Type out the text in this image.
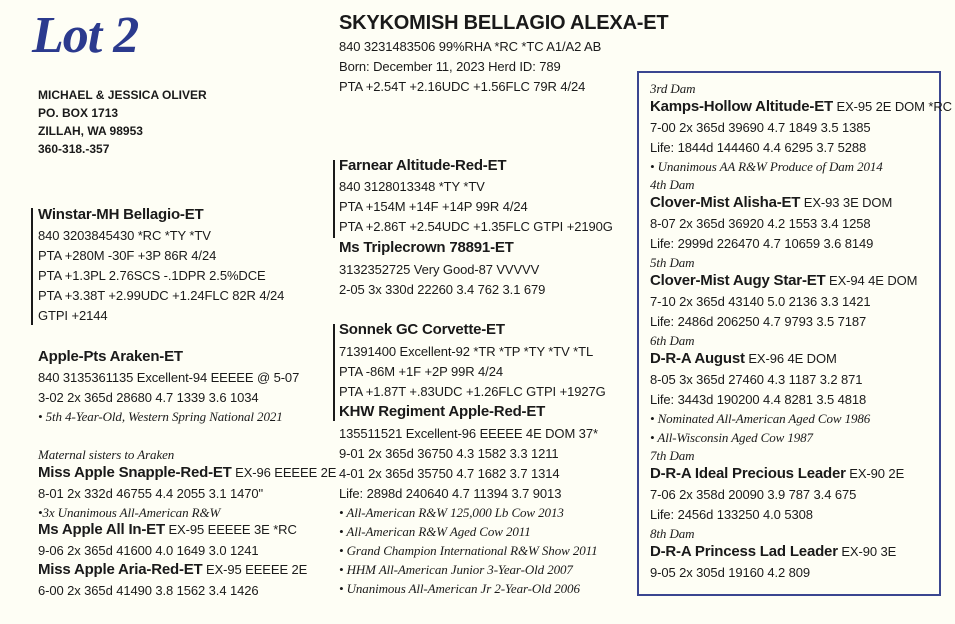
Lot 2
MICHAEL & JESSICA OLIVER
PO. BOX 1713
ZILLAH, WA 98953
360-318.-357
SKYKOMISH BELLAGIO ALEXA-ET
840 3231483506 99%RHA *RC *TC A1/A2 AB
Born: December 11, 2023 Herd ID: 789
PTA +2.54T +2.16UDC +1.56FLC 79R 4/24
Winstar-MH Bellagio-ET
840 3203845430 *RC *TY *TV
PTA +280M -30F +3P 86R 4/24
PTA +1.3PL 2.76SCS -.1DPR 2.5%DCE
PTA +3.38T +2.99UDC +1.24FLC 82R 4/24
GTPI +2144
Apple-Pts Araken-ET
840 3135361135 Excellent-94 EEEEE @ 5-07
3-02 2x 365d 28680 4.7 1339 3.6 1034
• 5th 4-Year-Old, Western Spring National 2021
Maternal sisters to Araken
Miss Apple Snapple-Red-ET EX-96 EEEEE 2E
8-01 2x 332d 46755 4.4 2055 3.1 1470"
•3x Unanimous All-American R&W
Ms Apple All In-ET EX-95 EEEEE 3E *RC
9-06 2x 365d 41600 4.0 1649 3.0 1241
Miss Apple Aria-Red-ET EX-95 EEEEE 2E
6-00 2x 365d 41490 3.8 1562 3.4 1426
Farnear Altitude-Red-ET
840 3128013348 *TY *TV
PTA +154M +14F +14P 99R 4/24
PTA +2.86T +2.54UDC +1.35FLC GTPI +2190G
Ms Triplecrown 78891-ET
3132352725 Very Good-87 VVVVV
2-05 3x 330d 22260 3.4 762 3.1 679
Sonnek GC Corvette-ET
71391400 Excellent-92 *TR *TP *TY *TV *TL
PTA -86M +1F +2P 99R 4/24
PTA +1.87T +.83UDC +1.26FLC GTPI +1927G
KHW Regiment Apple-Red-ET
135511521 Excellent-96 EEEEE 4E DOM 37*
9-01 2x 365d 36750 4.3 1582 3.3 1211
4-01 2x 365d 35750 4.7 1682 3.7 1314
Life: 2898d 240640 4.7 11394 3.7 9013
• All-American R&W 125,000 Lb Cow 2013
• All-American R&W Aged Cow 2011
• Grand Champion International R&W Show 2011
• HHM All-American Junior 3-Year-Old 2007
• Unanimous All-American Jr 2-Year-Old 2006
3rd Dam
Kamps-Hollow Altitude-ET EX-95 2E DOM *RC
7-00 2x 365d 39690 4.7 1849 3.5 1385
Life: 1844d 144460 4.4 6295 3.7 5288
• Unanimous AA R&W Produce of Dam 2014
4th Dam
Clover-Mist Alisha-ET EX-93 3E DOM
8-07 2x 365d 36920 4.2 1553 3.4 1258
Life: 2999d 226470 4.7 10659 3.6 8149
5th Dam
Clover-Mist Augy Star-ET EX-94 4E DOM
7-10 2x 365d 43140 5.0 2136 3.3 1421
Life: 2486d 206250 4.7 9793 3.5 7187
6th Dam
D-R-A August EX-96 4E DOM
8-05 3x 365d 27460 4.3 1187 3.2 871
Life: 3443d 190200 4.4 8281 3.5 4818
• Nominated All-American Aged Cow 1986
• All-Wisconsin Aged Cow 1987
7th Dam
D-R-A Ideal Precious Leader EX-90 2E
7-06 2x 358d 20090 3.9 787 3.4 675
Life: 2456d 133250 4.0 5308
8th Dam
D-R-A Princess Lad Leader EX-90 3E
9-05 2x 305d 19160 4.2 809
